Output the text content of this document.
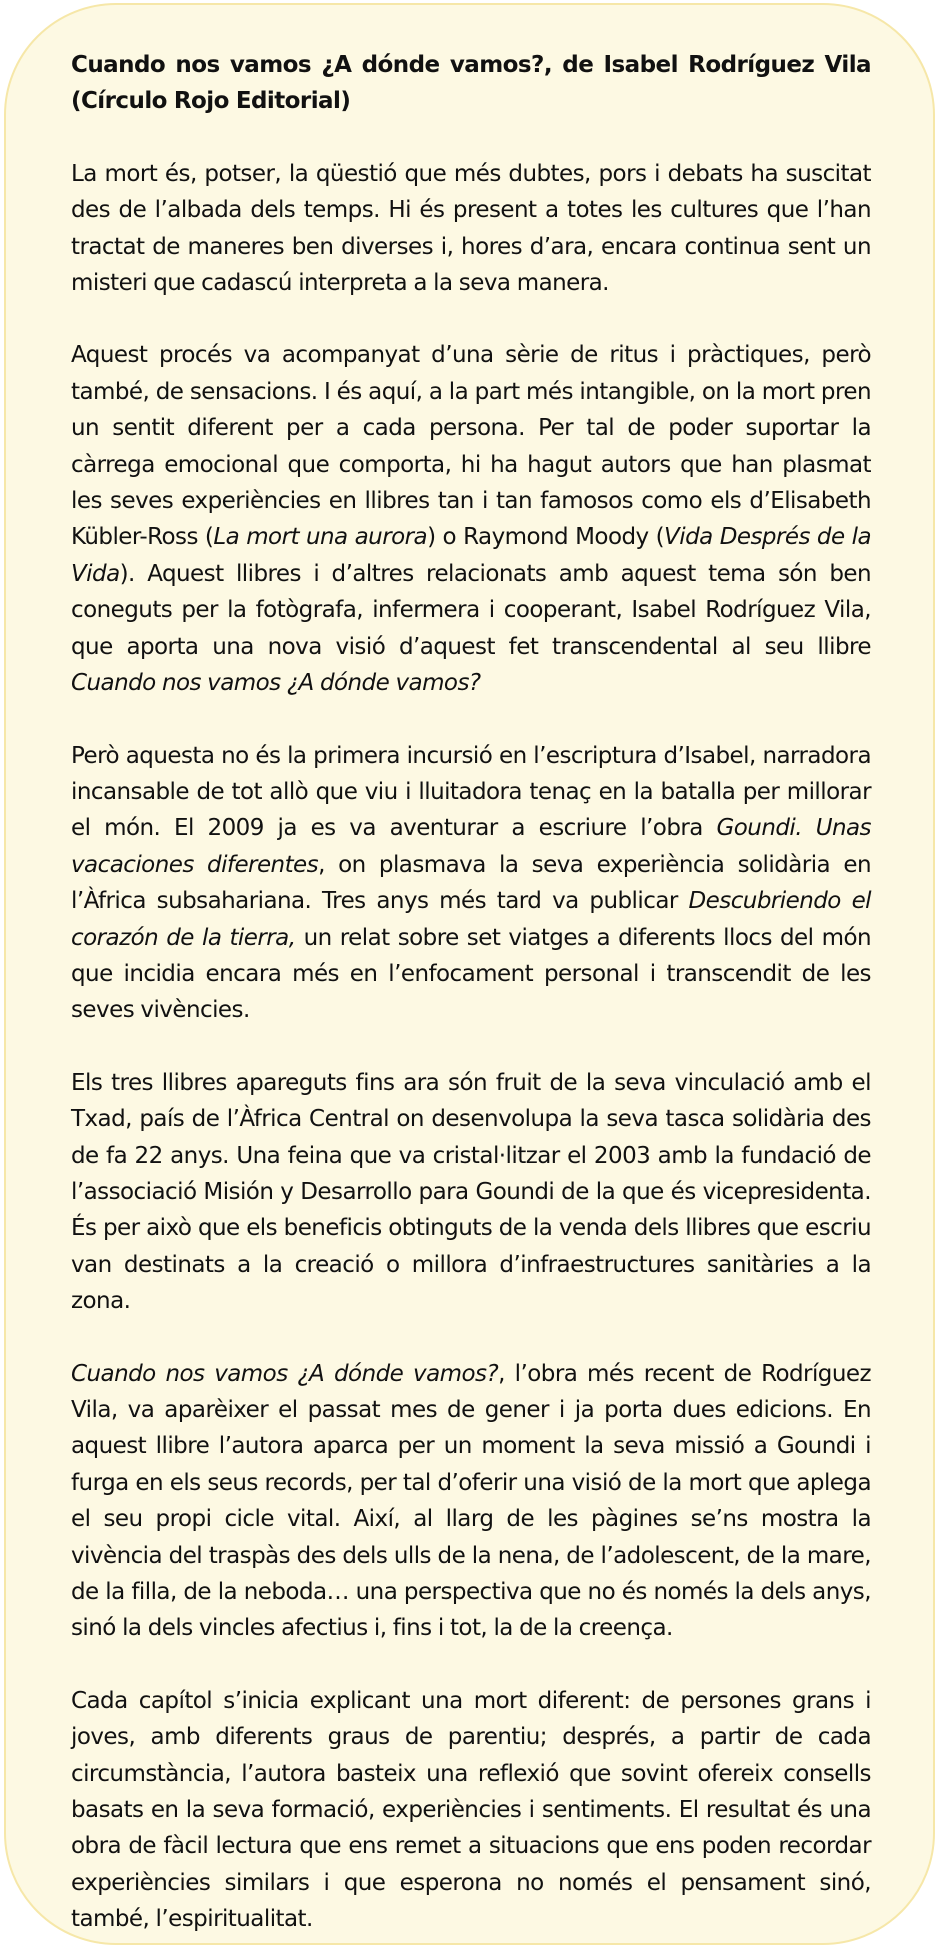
Cuando nos vamos ¿A dónde vamos?, de Isabel Rodríguez Vila (Círculo Rojo Editorial)

La mort és, potser, la qüestió que més dubtes, pors i debats ha suscitat des de l’albada dels temps. Hi és present a totes les cultures que l’han tractat de maneres ben diverses i, hores d’ara, encara continua sent un misteri que cadascú interpreta a la seva manera.

Aquest procés va acompanyat d’una sèrie de ritus i pràctiques, però també, de sensacions. I és aquí, a la part més intangible, on la mort pren un sentit diferent per a cada persona. Per tal de poder suportar la càrrega emocional que comporta, hi ha hagut autors que han plasmat les seves experiències en llibres tan i tan famosos como els d’Elisabeth Kübler-Ross (La mort una aurora) o Raymond Moody (Vida Després de la Vida). Aquest llibres i d’altres relacionats amb aquest tema són ben coneguts per la fotògrafa, infermera i cooperant, Isabel Rodríguez Vila, que aporta una nova visió d’aquest fet transcendental al seu llibre Cuando nos vamos ¿A dónde vamos?

Però aquesta no és la primera incursió en l’escriptura d’Isabel, narradora incansable de tot allò que viu i lluitadora tenaç en la batalla per millorar el món. El 2009 ja es va aventurar a escriure l’obra Goundi. Unas vacaciones diferentes, on plasmava la seva experiència solidària en l’Àfrica subsahariana. Tres anys més tard va publicar Descubriendo el corazón de la tierra, un relat sobre set viatges a diferents llocs del món que incidia encara més en l’enfocament personal i transcendit de les seves vivències.

Els tres llibres apareguts fins ara són fruit de la seva vinculació amb el Txad, país de l’Àfrica Central on desenvolupa la seva tasca solidària des de fa 22 anys. Una feina que va cristal·litzar el 2003 amb la fundació de l’associació Misión y Desarrollo para Goundi de la que és vicepresidenta. És per això que els beneficis obtinguts de la venda dels llibres que escriu van destinats a la creació o millora d’infraestructures sanitàries a la zona.

Cuando nos vamos ¿A dónde vamos?, l’obra més recent de Rodríguez Vila, va aparèixer el passat mes de gener i ja porta dues edicions. En aquest llibre l’autora aparca per un moment la seva missió a Goundi i furga en els seus records, per tal d’oferir una visió de la mort que aplega el seu propi cicle vital. Així, al llarg de les pàgines se’ns mostra la vivència del traspàs des dels ulls de la nena, de l’adolescent, de la mare, de la filla, de la neboda… una perspectiva que no és només la dels anys, sinó la dels vincles afectius i, fins i tot, la de la creença.

Cada capítol s’inicia explicant una mort diferent: de persones grans i joves, amb diferents graus de parentiu; després, a partir de cada circumstància, l’autora basteix una reflexió que sovint ofereix consells basats en la seva formació, experiències i sentiments. El resultat és una obra de fàcil lectura que ens remet a situacions que ens poden recordar experiències similars i que esperona no només el pensament sinó, també, l’espiritualitat.
